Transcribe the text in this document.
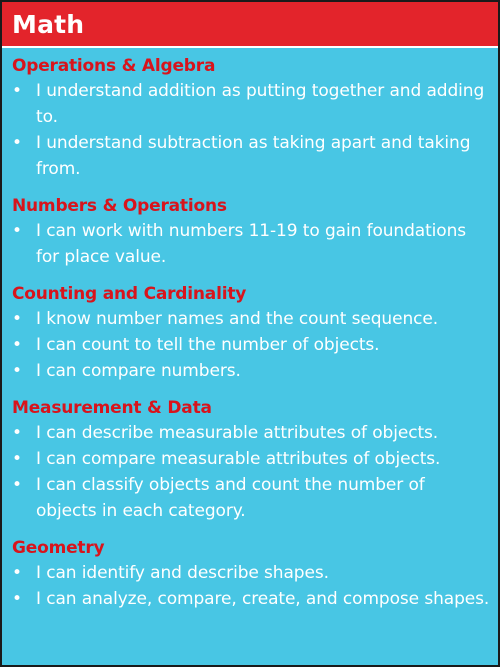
Math
Operations & Algebra
• I understand addition as putting together and adding to.
• I understand subtraction as taking apart and taking from.
Numbers & Operations
• I can work with numbers 11-19 to gain foundations for place value.
Counting and Cardinality
• I know number names and the count sequence.
• I can count to tell the number of objects.
• I can compare numbers.
Measurement & Data
• I can describe measurable attributes of objects.
• I can compare measurable attributes of objects.
• I can classify objects and count the number of objects in each category.
Geometry
• I can identify and describe shapes.
• I can analyze, compare, create, and compose shapes.
